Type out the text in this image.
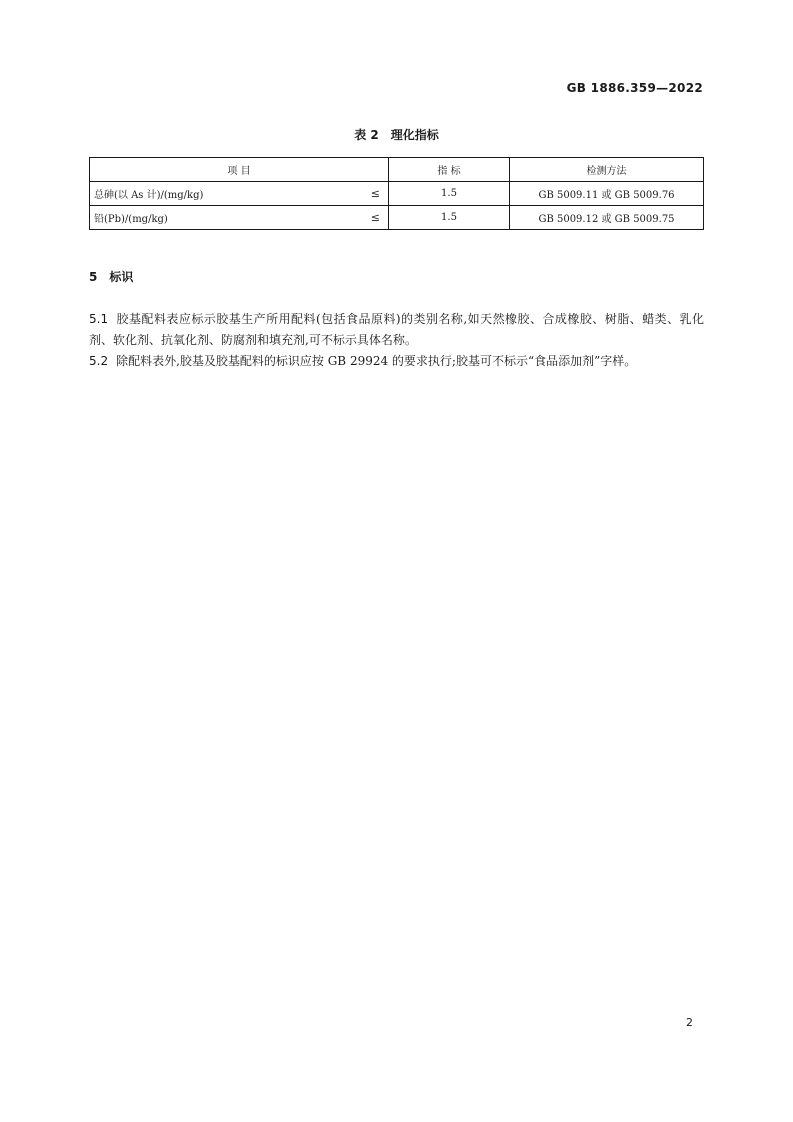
GB 1886.359—2022
表 2 理化指标
项 目	指 标	检测方法

总砷(以 As 计)/(mg/kg) ≤	1.5	GB 5009.11 或 GB 5009.76

铅(Pb)/(mg/kg) ≤	1.5	GB 5009.12 或 GB 5009.75
5 标识
5.1 胶基配料表应标示胶基生产所用配料(包括食品原料)的类别名称,如天然橡胶、合成橡胶、树脂、蜡类、乳化剂、软化剂、抗氧化剂、防腐剂和填充剂,可不标示具体名称。
5.2 除配料表外,胶基及胶基配料的标识应按 GB 29924 的要求执行;胶基可不标示“食品添加剂”字样。
2
